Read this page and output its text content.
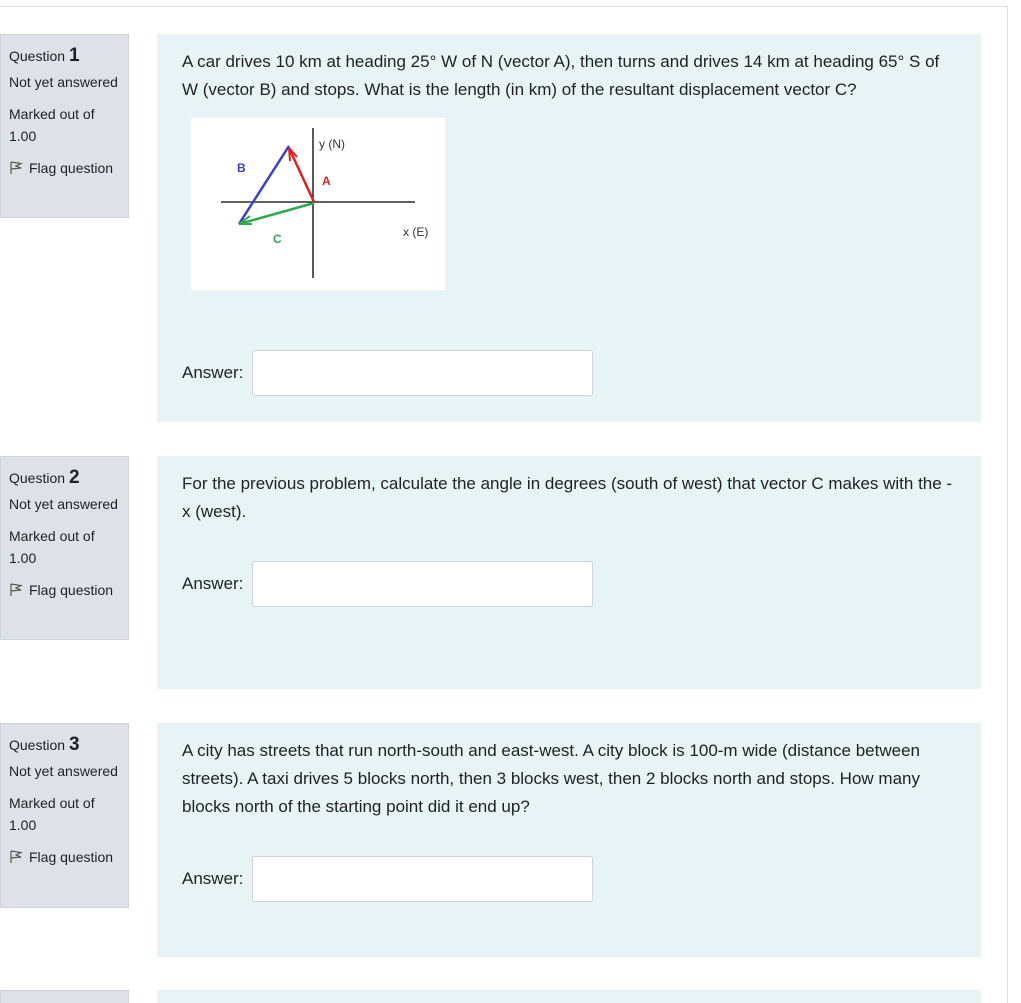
Question 1
Not yet answered
Marked out of 1.00
Flag question
A car drives 10 km at heading 25° W of N (vector A), then turns and drives 14 km at heading 65° S of W (vector B) and stops. What is the length (in km) of the resultant displacement vector C?
y (N)
x (E)
A
B
C
Answer:
Question 2
Not yet answered
Marked out of 1.00
Flag question
For the previous problem, calculate the angle in degrees (south of west) that vector C makes with the -x (west).
Answer:
Question 3
Not yet answered
Marked out of 1.00
Flag question
A city has streets that run north-south and east-west. A city block is 100-m wide (distance between streets). A taxi drives 5 blocks north, then 3 blocks west, then 2 blocks north and stops. How many blocks north of the starting point did it end up?
Answer:
